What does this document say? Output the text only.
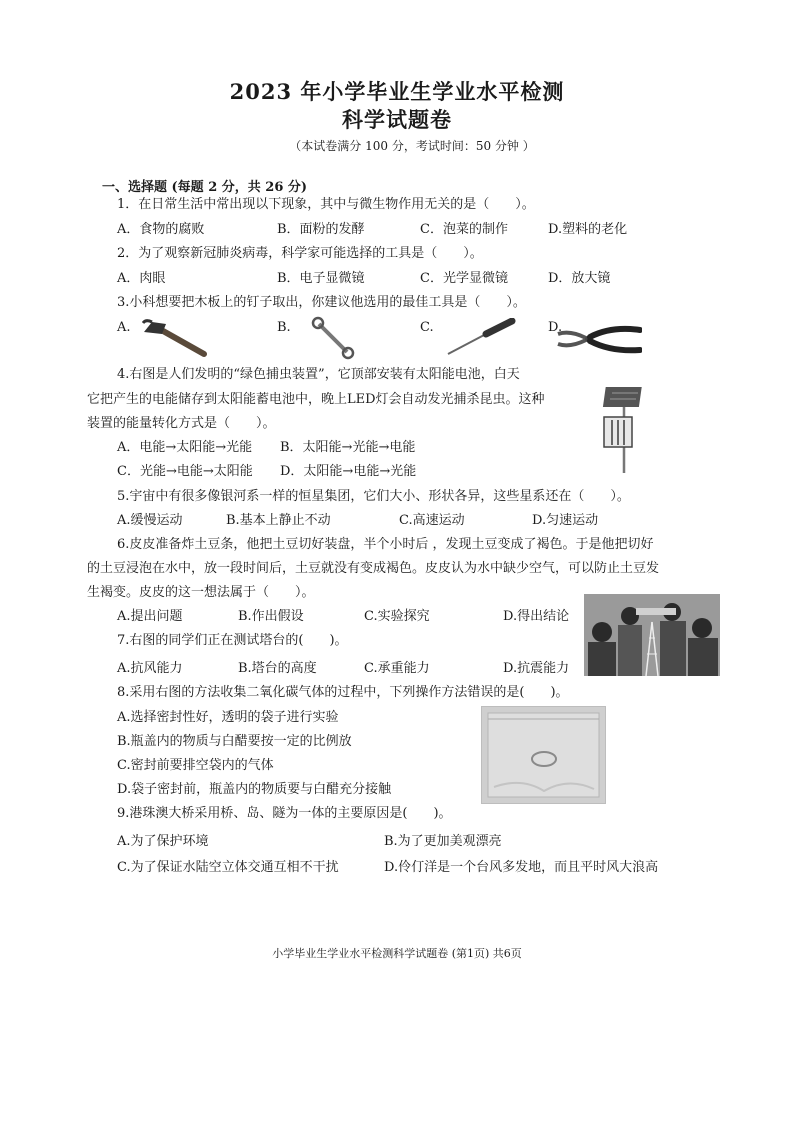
2023 年小学毕业生学业水平检测
科学试题卷
（本试卷满分 100 分，考试时间：50 分钟 ）
一、选择题 (每题 2 分，共 26 分)
1．在日常生活中常出现以下现象，其中与微生物作用无关的是（　　）。
A．食物的腐败	B．面粉的发酵	C．泡菜的制作	D.塑料的老化
2．为了观察新冠肺炎病毒，科学家可能选择的工具是（　　）。
A．肉眼	B．电子显微镜	C．光学显微镜	D．放大镜
3.小科想要把木板上的钉子取出，你建议他选用的最佳工具是（　　）。
A.	B.	C.	D.
4.右图是人们发明的“绿色捕虫装置”，它顶部安装有太阳能电池，白天
它把产生的电能储存到太阳能蓄电池中，晚上LED灯会自动发光捕杀昆虫。这种
装置的能量转化方式是（　　）。
A．电能→太阳能→光能 B．太阳能→光能→电能
C．光能→电能→太阳能 D．太阳能→电能→光能
5.宇宙中有很多像银河系一样的恒星集团，它们大小、形状各异，这些星系还在（　　）。
A.缓慢运动	B.基本上静止不动	C.高速运动	D.匀速运动
6.皮皮准备炸土豆条，他把土豆切好装盘，半个小时后 ，发现土豆变成了褐色。于是他把切好
的土豆浸泡在水中，放一段时间后，土豆就没有变成褐色。皮皮认为水中缺少空气，可以防止土豆发
生褐变。皮皮的这一想法属于（　　）。
A.提出问题	B.作出假设	C.实验探究	D.得出结论
7.右图的同学们正在测试塔台的(　　)。
A.抗风能力	B.塔台的高度	C.承重能力	D.抗震能力
8.采用右图的方法收集二氧化碳气体的过程中，下列操作方法错误的是(　　)。
A.选择密封性好，透明的袋子进行实验
B.瓶盖内的物质与白醋要按一定的比例放
C.密封前要排空袋内的气体
D.袋子密封前，瓶盖内的物质要与白醋充分接触
9.港珠澳大桥采用桥、岛、隧为一体的主要原因是(　　)。
A.为了保护环境	B.为了更加美观漂亮
C.为了保证水陆空立体交通互相不干扰	D.伶仃洋是一个台风多发地，而且平时风大浪高
小学毕业生学业水平检测科学试题卷 (第1页) 共6页
